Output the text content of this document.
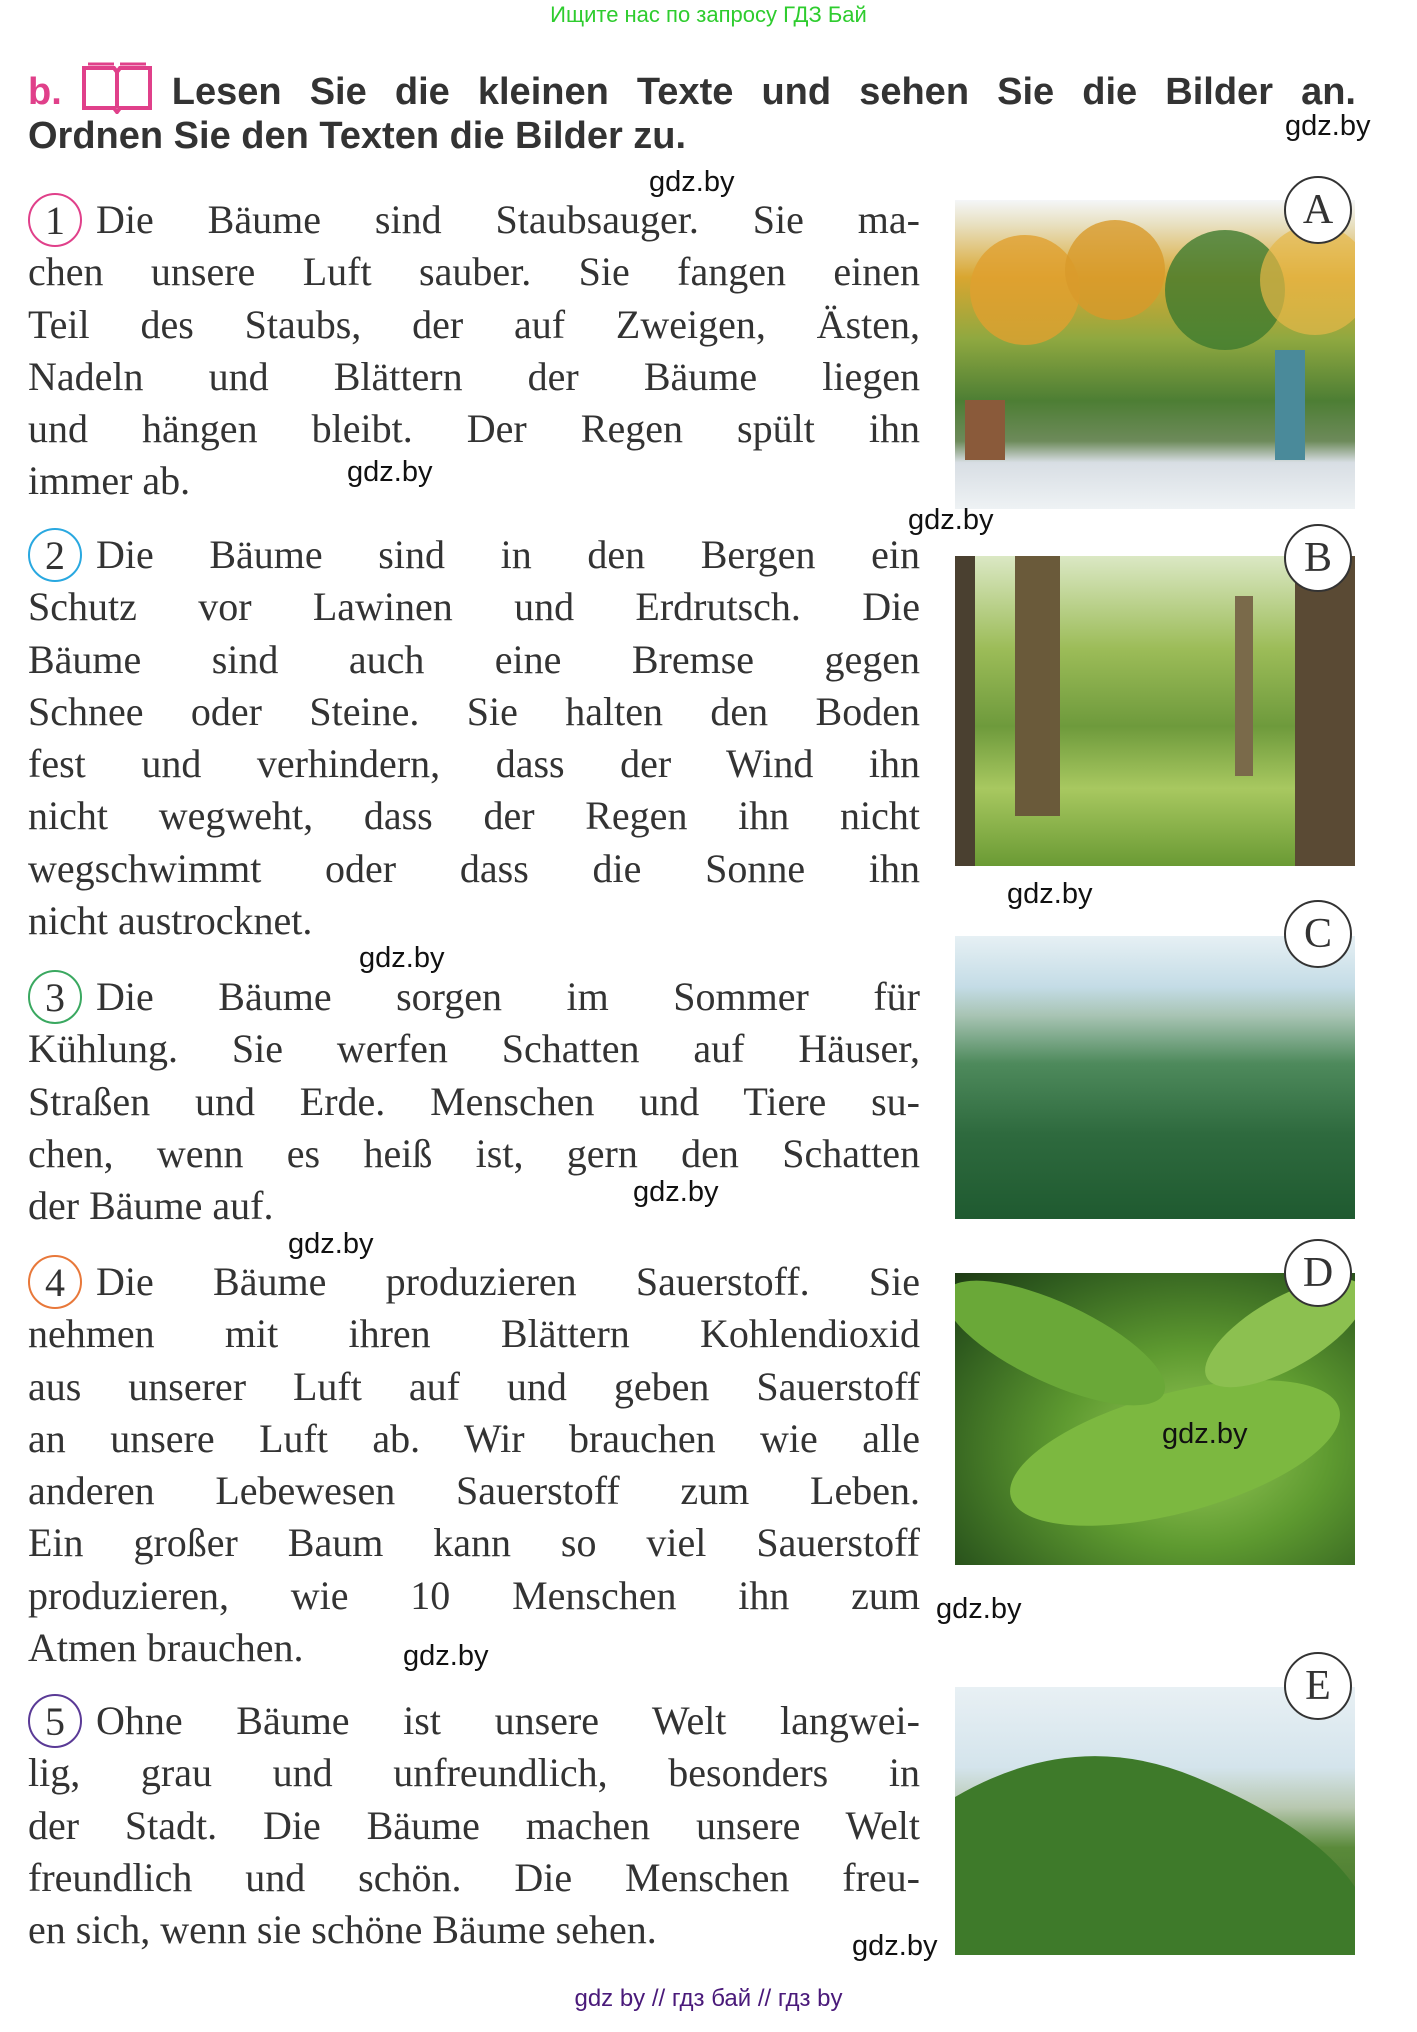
Ищите нас по запросу ГДЗ Бай
b.	Lesen Sie die kleinen Texte und sehen Sie die Bilder an.
Ordnen Sie den Texten die Bilder zu.
1 Die Bäume sind Staubsauger. Sie ma-
chen unsere Luft sauber. Sie fangen einen
Teil des Staubs, der auf Zweigen, Ästen,
Nadeln und Blättern der Bäume liegen
und hängen bleibt. Der Regen spült ihn
immer ab.
2 Die Bäume sind in den Bergen ein
Schutz vor Lawinen und Erdrutsch. Die
Bäume sind auch eine Bremse gegen
Schnee oder Steine. Sie halten den Boden
fest und verhindern, dass der Wind ihn
nicht wegweht, dass der Regen ihn nicht
wegschwimmt oder dass die Sonne ihn
nicht austrocknet.
3 Die Bäume sorgen im Sommer für
Kühlung. Sie werfen Schatten auf Häuser,
Straßen und Erde. Menschen und Tiere su-
chen, wenn es heiß ist, gern den Schatten
der Bäume auf.
4 Die Bäume produzieren Sauerstoff. Sie
nehmen mit ihren Blättern Kohlendioxid
aus unserer Luft auf und geben Sauerstoff
an unsere Luft ab. Wir brauchen wie alle
anderen Lebewesen Sauerstoff zum Leben.
Ein großer Baum kann so viel Sauerstoff
produzieren, wie 10 Menschen ihn zum
Atmen brauchen.
5 Ohne Bäume ist unsere Welt langwei-
lig, grau und unfreundlich, besonders in
der Stadt. Die Bäume machen unsere Welt
freundlich und schön. Die Menschen freu-
en sich, wenn sie schöne Bäume sehen.
A
B
C
D
E
gdz.by
gdz.by
gdz.by
gdz.by
gdz.by
gdz.by
gdz.by
gdz.by
gdz.by
gdz.by
gdz.by
gdz.by
gdz by // гдз бай // гдз by
